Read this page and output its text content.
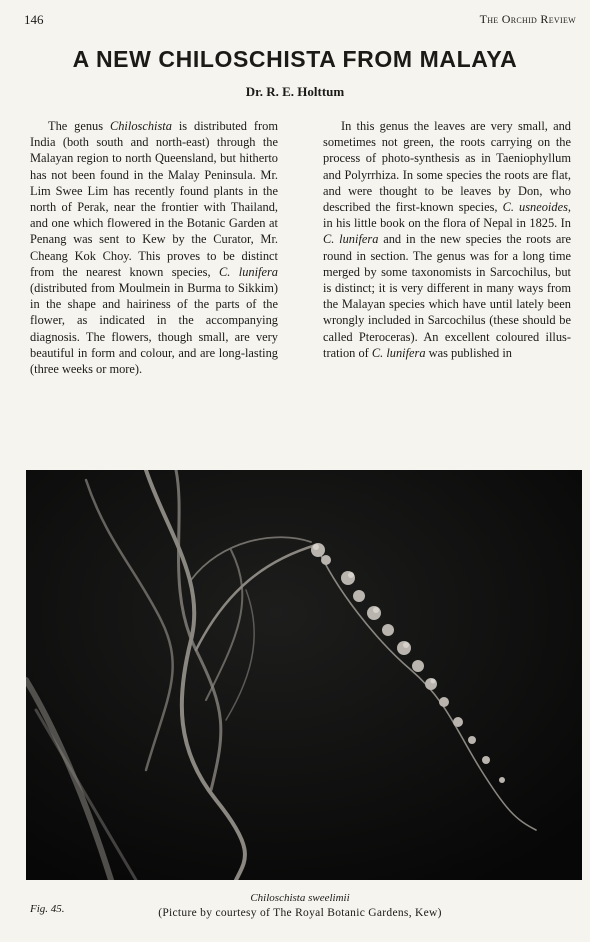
146	The Orchid Review
A NEW CHILOSCHISTA FROM MALAYA
Dr. R. E. Holttum

The genus Chiloschista is distributed from India (both south and north-east) through the Malayan region to north Queensland, but hitherto has not been found in the Malay Peninsula. Mr. Lim Swee Lim has recently found plants in the north of Perak, near the frontier with Thailand, and one which flowered in the Botanic Garden at Penang was sent to Kew by the Curator, Mr. Cheang Kok Choy. This proves to be distinct from the nearest known species, C. lunifera (distributed from Moulmein in Burma to Sikkim) in the shape and hairiness of the parts of the flower, as indicated in the accompanying diagnosis. The flowers, though small, are very beautiful in form and colour, and are long-lasting (three weeks or more).

In this genus the leaves are very small, and sometimes not green, the roots carrying on the process of photo-synthesis as in Taeniophyllum and Polyrrhiza. In some species the roots are flat, and were thought to be leaves by Don, who described the first-known species, C. usneoides, in his little book on the flora of Nepal in 1825. In C. lunifera and in the new species the roots are round in section. The genus was for a long time merged by some taxonomists in Sarcochilus, but is distinct; it is very different in many ways from the Malayan species which have until lately been wrongly included in Sarcochilus (these should be called Pteroceras). An excellent coloured illus-tration of C. lunifera was published in

Fig. 45.
Chiloschista sweelimii
(Picture by courtesy of The Royal Botanic Gardens, Kew)
